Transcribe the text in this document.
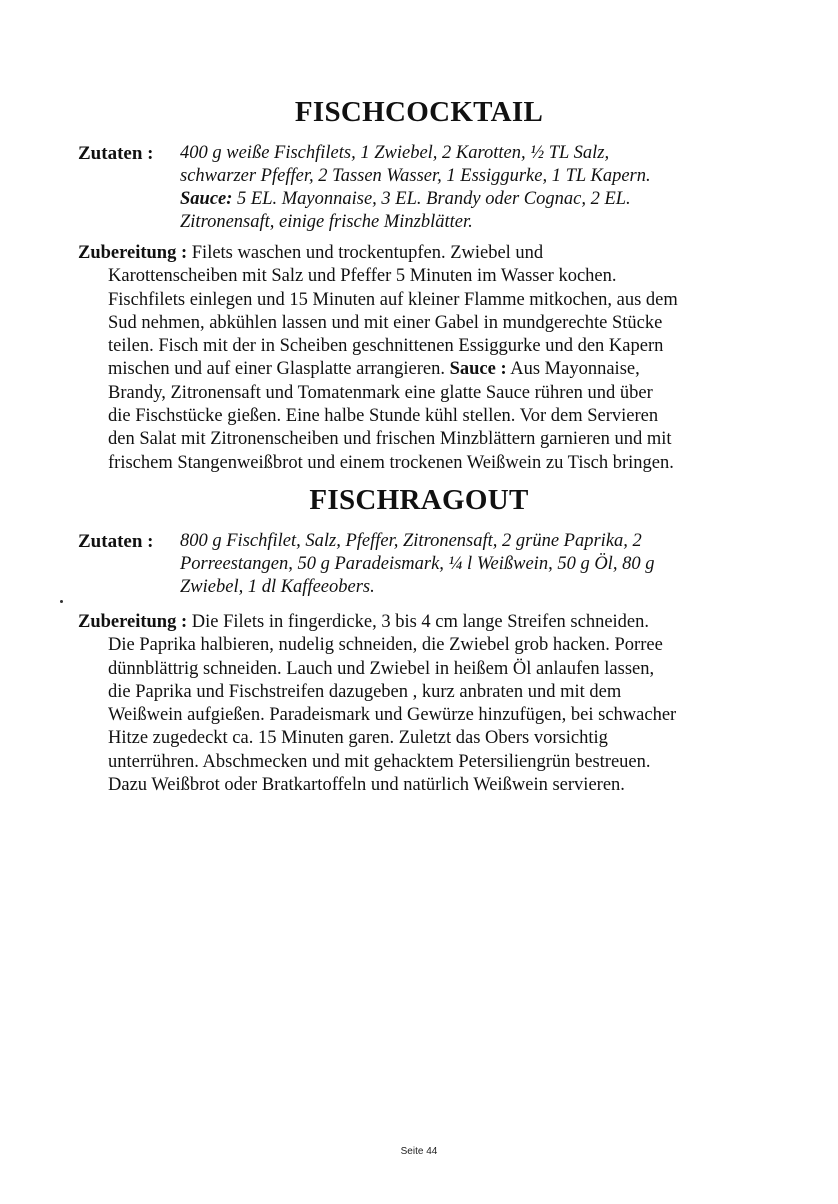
FISCHCOCKTAIL
Zutaten : 400 g weiße Fischfilets, 1 Zwiebel, 2 Karotten, ½ TL Salz,
schwarzer Pfeffer, 2 Tassen Wasser, 1 Essiggurke, 1 TL Kapern.
Sauce: 5 EL. Mayonnaise, 3 EL. Brandy oder Cognac, 2 EL.
Zitronensaft, einige frische Minzblätter.
Zubereitung : Filets waschen und trockentupfen. Zwiebel und
Karottenscheiben mit Salz und Pfeffer 5 Minuten im Wasser kochen.
Fischfilets einlegen und 15 Minuten auf kleiner Flamme mitkochen, aus dem
Sud nehmen, abkühlen lassen und mit einer Gabel in mundgerechte Stücke
teilen. Fisch mit der in Scheiben geschnittenen Essiggurke und den Kapern
mischen und auf einer Glasplatte arrangieren. Sauce : Aus Mayonnaise,
Brandy, Zitronensaft und Tomatenmark eine glatte Sauce rühren und über
die Fischstücke gießen. Eine halbe Stunde kühl stellen. Vor dem Servieren
den Salat mit Zitronenscheiben und frischen Minzblättern garnieren und mit
frischem Stangenweißbrot und einem trockenen Weißwein zu Tisch bringen.
FISCHRAGOUT
Zutaten : 800 g Fischfilet, Salz, Pfeffer, Zitronensaft, 2 grüne Paprika, 2
Porreestangen, 50 g Paradeismark, ¼ l Weißwein, 50 g Öl, 80 g
Zwiebel, 1 dl Kaffeeobers.
Zubereitung : Die Filets in fingerdicke, 3 bis 4 cm lange Streifen schneiden.
Die Paprika halbieren, nudelig schneiden, die Zwiebel grob hacken. Porree
dünnblättrig schneiden. Lauch und Zwiebel in heißem Öl anlaufen lassen,
die Paprika und Fischstreifen dazugeben , kurz anbraten und mit dem
Weißwein aufgießen. Paradeismark und Gewürze hinzufügen, bei schwacher
Hitze zugedeckt ca. 15 Minuten garen. Zuletzt das Obers vorsichtig
unterrühren. Abschmecken und mit gehacktem Petersiliengrün bestreuen.
Dazu Weißbrot oder Bratkartoffeln und natürlich Weißwein servieren.
Seite 44
